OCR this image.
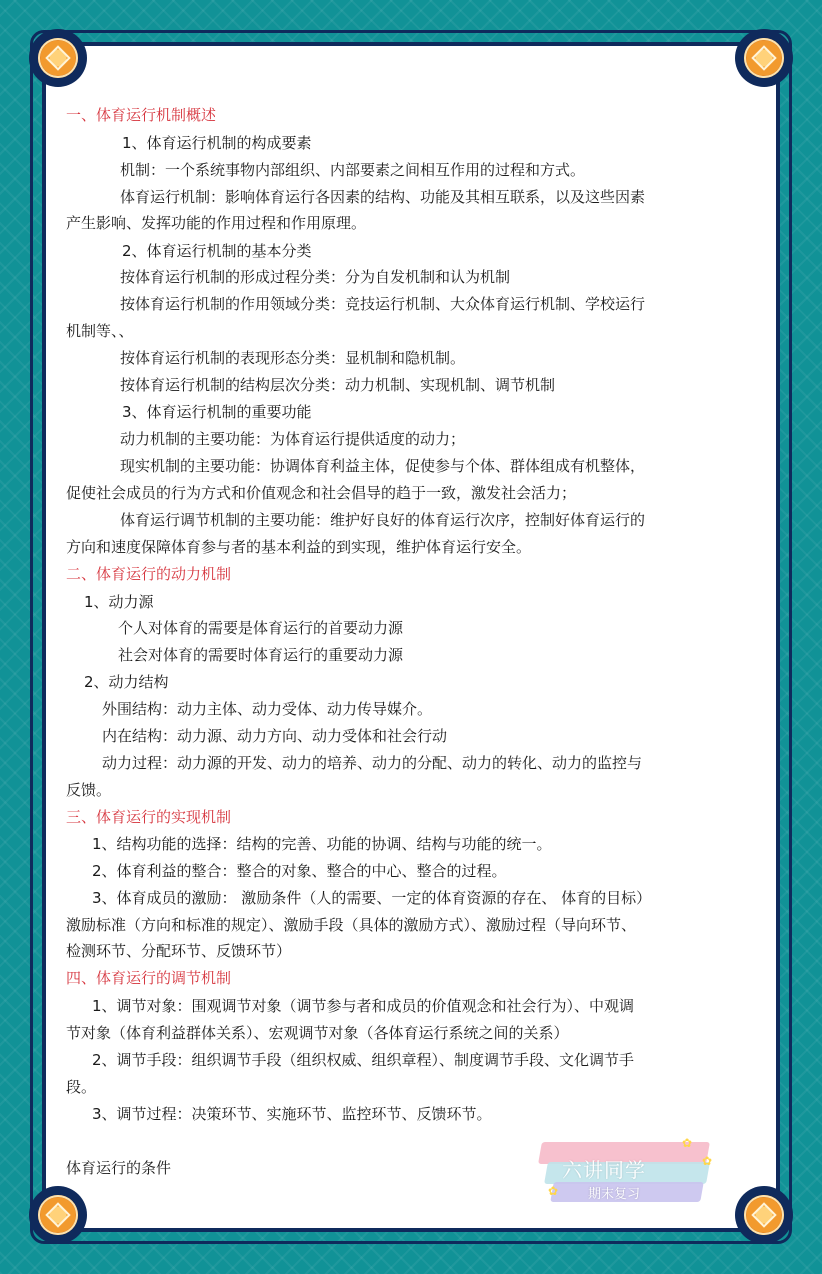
一、体育运行机制概述
1、体育运行机制的构成要素
机制：一个系统事物内部组织、内部要素之间相互作用的过程和方式。
体育运行机制：影响体育运行各因素的结构、功能及其相互联系，以及这些因素
产生影响、发挥功能的作用过程和作用原理。
2、体育运行机制的基本分类
按体育运行机制的形成过程分类：分为自发机制和认为机制
按体育运行机制的作用领域分类：竞技运行机制、大众体育运行机制、学校运行
机制等、、
按体育运行机制的表现形态分类：显机制和隐机制。
按体育运行机制的结构层次分类：动力机制、实现机制、调节机制
3、体育运行机制的重要功能
动力机制的主要功能：为体育运行提供适度的动力；
现实机制的主要功能：协调体育利益主体，促使参与个体、群体组成有机整体，
促使社会成员的行为方式和价值观念和社会倡导的趋于一致，激发社会活力；
体育运行调节机制的主要功能：维护好良好的体育运行次序，控制好体育运行的
方向和速度保障体育参与者的基本利益的到实现，维护体育运行安全。
二、体育运行的动力机制
1、动力源
个人对体育的需要是体育运行的首要动力源
社会对体育的需要时体育运行的重要动力源
2、动力结构
外围结构：动力主体、动力受体、动力传导媒介。
内在结构：动力源、动力方向、动力受体和社会行动
动力过程：动力源的开发、动力的培养、动力的分配、动力的转化、动力的监控与
反馈。
三、体育运行的实现机制
1、结构功能的选择：结构的完善、功能的协调、结构与功能的统一。
2、体育利益的整合：整合的对象、整合的中心、整合的过程。
3、体育成员的激励： 激励条件（人的需要、一定的体育资源的存在、 体育的目标）
激励标准（方向和标准的规定）、激励手段（具体的激励方式）、激励过程（导向环节、
检测环节、分配环节、反馈环节）
四、体育运行的调节机制
1、调节对象：围观调节对象（调节参与者和成员的价值观念和社会行为）、中观调
节对象（体育利益群体关系）、宏观调节对象（各体育运行系统之间的关系）
2、调节手段：组织调节手段（组织权威、组织章程）、制度调节手段、文化调节手
段。
3、调节过程：决策环节、实施环节、监控环节、反馈环节。
体育运行的条件
✿
✿
✿
六讲同学
期末复习
